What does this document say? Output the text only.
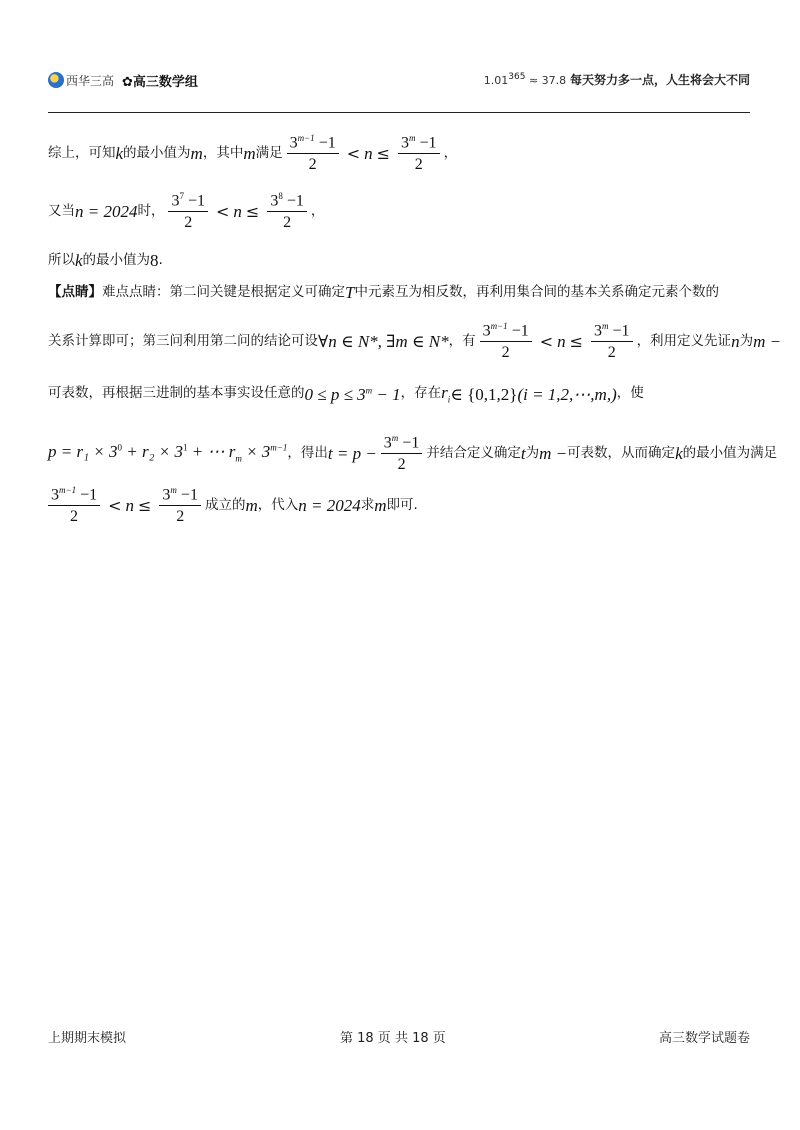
西华三高 ✿高三数学组	$1.01^{365} \approx 37.8$ 每天努力多一点，人生将会大不同
综上，可知 k 的最小值为 m ，其中 m 满足 $\frac{3^{m-1} -1}{2} < n \le \frac{3^m -1}{2}$ ，
又当 n = 2024 时， $\frac{3^7 -1}{2} < n \le \frac{3^8 -1}{2}$ ，
所以 k 的最小值为 8 .
【点睛】 难点点睛：第二问关键是根据定义可确定 T 中元素互为相反数，再利用集合间的基本关系确定元素个数的
关系计算即可；第三问利用第二问的结论可设 ∀n ∈ N*, ∃m ∈ N* ，有 $\frac{3^{m-1} -1}{2} < n \le \frac{3^m -1}{2}$ ，利用定义先证 n 为 m −
可表数，再根据三进制的基本事实设任意的 $0 \le p \le 3^m - 1$ ，存在 $r_i$ ∈ {0,1,2} (i = 1,2,⋯,m,) ，使
$p = r_1 \times 3^0 + r_2 \times 3^1$ + ⋯ $r_m \times 3^{m-1}$ ，得出 $t = p - \frac{3^m -1}{2}$ 并结合定义确定 t 为 m − 可表数，从而确定 k 的最小值为满足
$\frac{3^{m-1} -1}{2} < n \le \frac{3^m -1}{2}$ 成立的 m ，代入 n = 2024 求 m 即可.
上期期末模拟	第 18 页 共 18 页	高三数学试题卷
